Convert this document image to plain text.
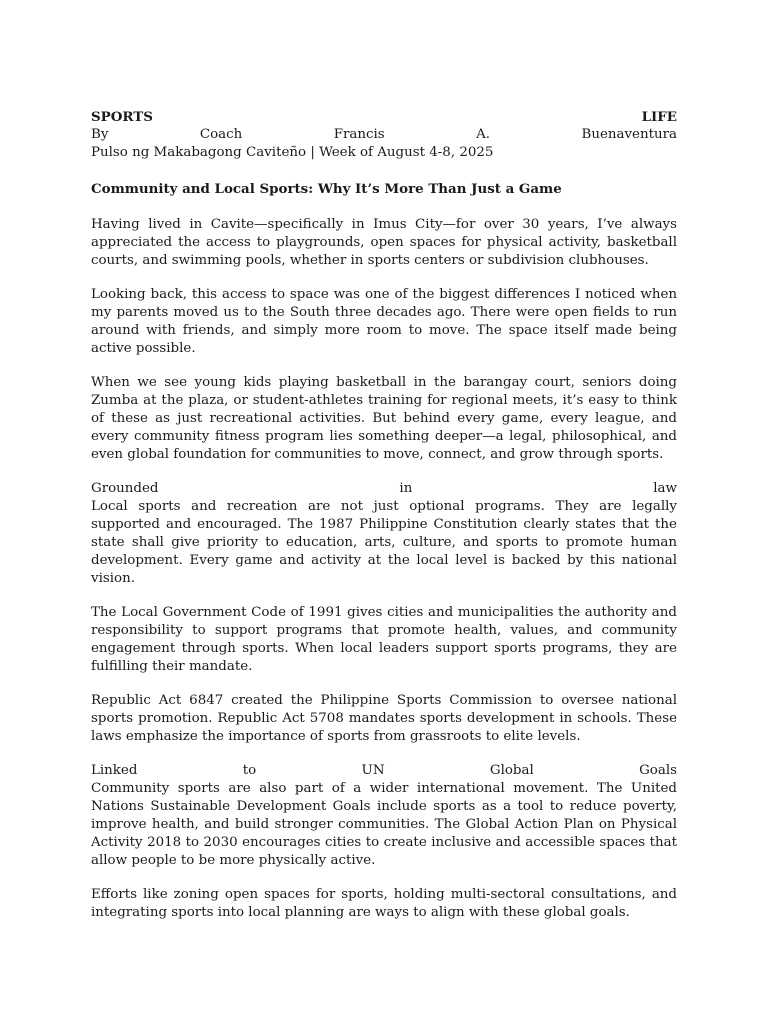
SPORTS	LIFE
By	Coach	Francis	A.	Buenaventura
Pulso ng Makabagong Caviteño | Week of August 4-8, 2025
Community and Local Sports: Why It’s More Than Just a Game

Having lived in Cavite—specifically in Imus City—for over 30 years, I’ve always appreciated the access to playgrounds, open spaces for physical activity, basketball courts, and swimming pools, whether in sports centers or subdivision clubhouses.

Looking back, this access to space was one of the biggest differences I noticed when my parents moved us to the South three decades ago. There were open fields to run around with friends, and simply more room to move. The space itself made being active possible.

When we see young kids playing basketball in the barangay court, seniors doing Zumba at the plaza, or student-athletes training for regional meets, it’s easy to think of these as just recreational activities. But behind every game, every league, and every community fitness program lies something deeper—a legal, philosophical, and even global foundation for communities to move, connect, and grow through sports.

Grounded	in	law

Local sports and recreation are not just optional programs. They are legally supported and encouraged. The 1987 Philippine Constitution clearly states that the state shall give priority to education, arts, culture, and sports to promote human development. Every game and activity at the local level is backed by this national vision.

The Local Government Code of 1991 gives cities and municipalities the authority and responsibility to support programs that promote health, values, and community engagement through sports. When local leaders support sports programs, they are fulfilling their mandate.

Republic Act 6847 created the Philippine Sports Commission to oversee national sports promotion. Republic Act 5708 mandates sports development in schools. These laws emphasize the importance of sports from grassroots to elite levels.

Linked	to	UN	Global	Goals

Community sports are also part of a wider international movement. The United Nations Sustainable Development Goals include sports as a tool to reduce poverty, improve health, and build stronger communities. The Global Action Plan on Physical Activity 2018 to 2030 encourages cities to create inclusive and accessible spaces that allow people to be more physically active.

Efforts like zoning open spaces for sports, holding multi-sectoral consultations, and integrating sports into local planning are ways to align with these global goals.
